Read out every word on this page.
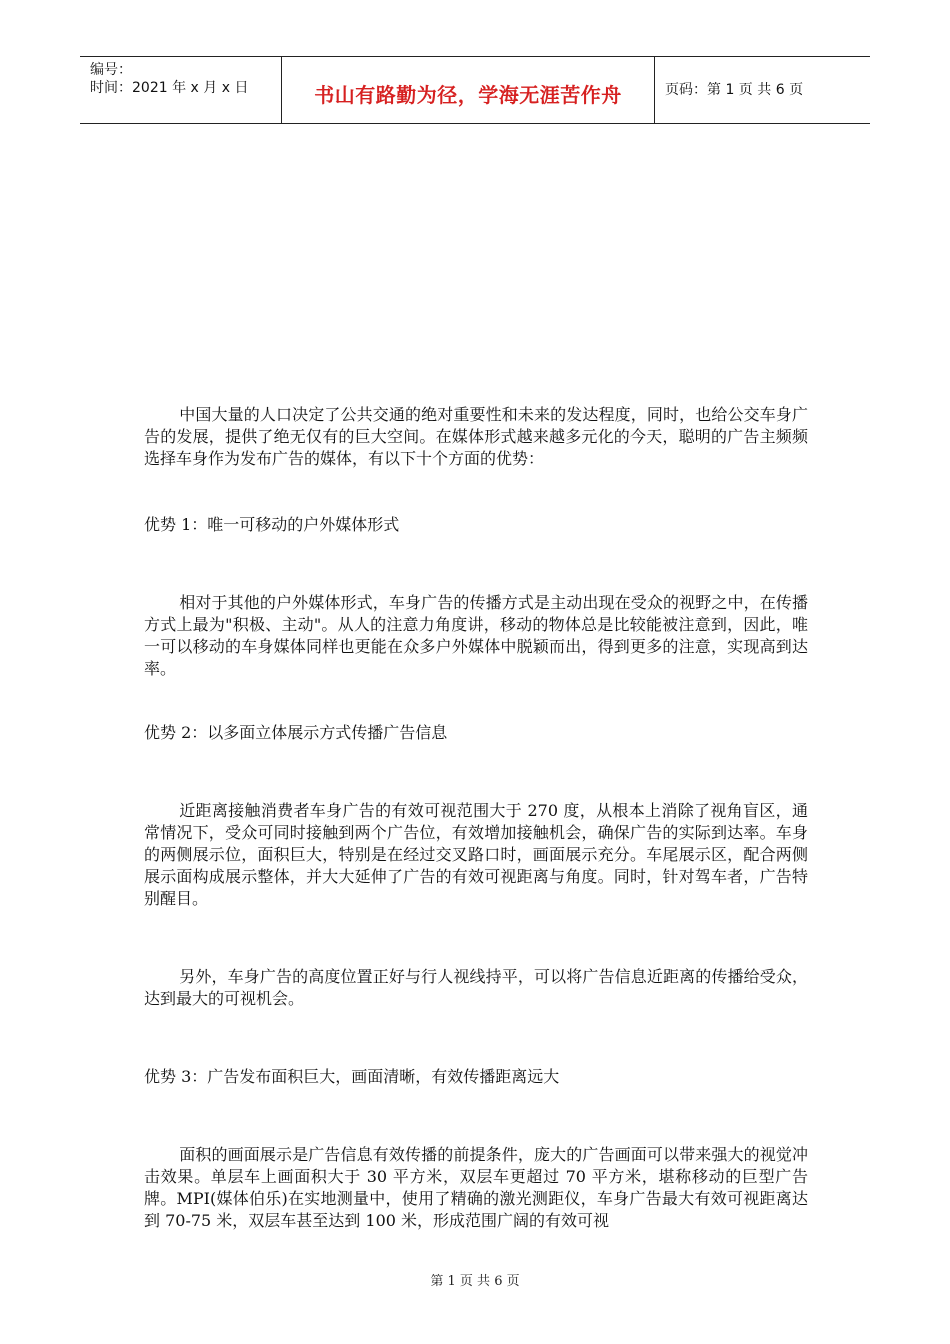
编号：
时间：2021 年 x 月 x 日	书山有路勤为径，学海无涯苦作舟	页码：第 1 页 共 6 页

中国大量的人口决定了公共交通的绝对重要性和未来的发达程度，同时，也给公交车身广告的发展，提供了绝无仅有的巨大空间。在媒体形式越来越多元化的今天，聪明的广告主频频选择车身作为发布广告的媒体，有以下十个方面的优势：

优势 1：唯一可移动的户外媒体形式

相对于其他的户外媒体形式，车身广告的传播方式是主动出现在受众的视野之中，在传播方式上最为"积极、主动"。从人的注意力角度讲，移动的物体总是比较能被注意到，因此，唯一可以移动的车身媒体同样也更能在众多户外媒体中脱颖而出，得到更多的注意，实现高到达率。

优势 2：以多面立体展示方式传播广告信息

近距离接触消费者车身广告的有效可视范围大于 270 度，从根本上消除了视角盲区，通常情况下，受众可同时接触到两个广告位，有效增加接触机会，确保广告的实际到达率。车身的两侧展示位，面积巨大，特别是在经过交叉路口时，画面展示充分。车尾展示区，配合两侧展示面构成展示整体，并大大延伸了广告的有效可视距离与角度。同时，针对驾车者，广告特别醒目。

另外，车身广告的高度位置正好与行人视线持平，可以将广告信息近距离的传播给受众，达到最大的可视机会。

优势 3：广告发布面积巨大，画面清晰，有效传播距离远大

面积的画面展示是广告信息有效传播的前提条件，庞大的广告画面可以带来强大的视觉冲击效果。单层车上画面积大于 30 平方米，双层车更超过 70 平方米，堪称移动的巨型广告牌。MPI(媒体伯乐)在实地测量中，使用了精确的激光测距仪，车身广告最大有效可视距离达到 70-75 米，双层车甚至达到 100 米，形成范围广阔的有效可视

第 1 页 共 6 页
